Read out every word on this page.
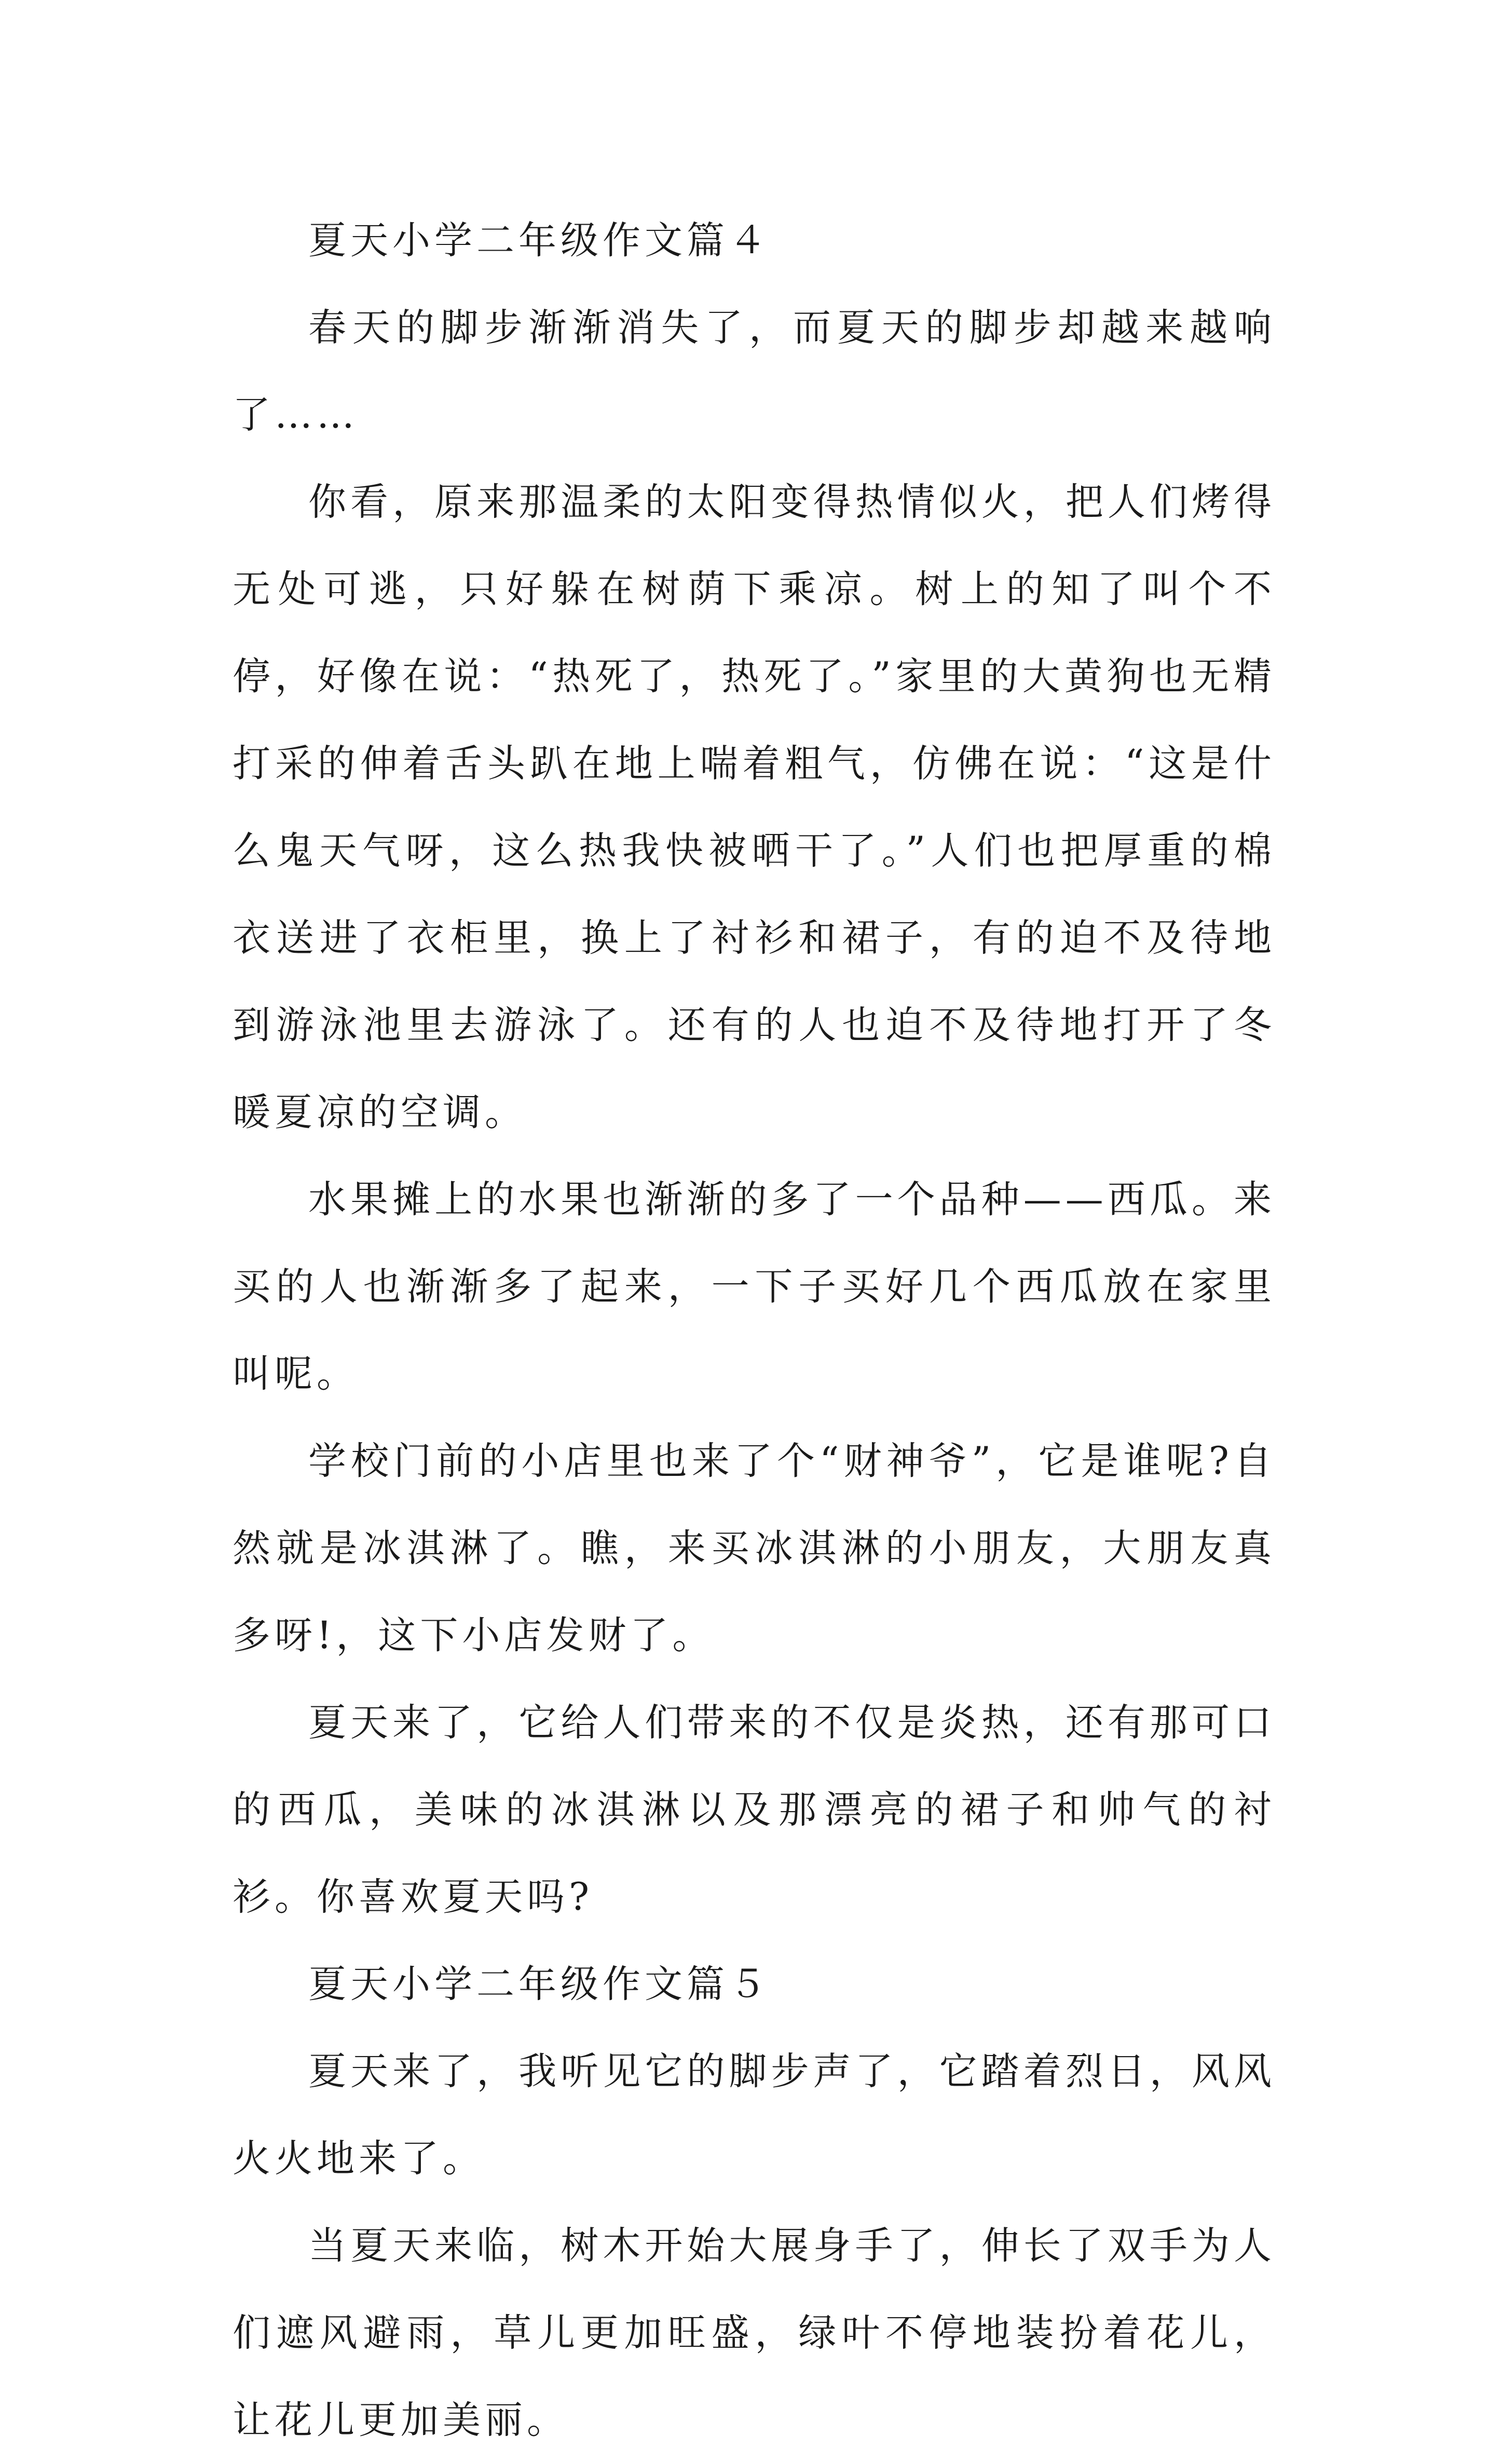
夏天小学二年级作文篇４

春天的脚步渐渐消失了，而夏天的脚步却越来越响了……

你看，原来那温柔的太阳变得热情似火，把人们烤得无处可逃，只好躲在树荫下乘凉。树上的知了叫个不停，好像在说：“热死了，热死了。”家里的大黄狗也无精打采的伸着舌头趴在地上喘着粗气，仿佛在说：“这是什么鬼天气呀，这么热我快被晒干了。”人们也把厚重的棉衣送进了衣柜里，换上了衬衫和裙子，有的迫不及待地到游泳池里去游泳了。还有的人也迫不及待地打开了冬暖夏凉的空调。

水果摊上的水果也渐渐的多了一个品种——西瓜。来买的人也渐渐多了起来，一下子买好几个西瓜放在家里叫呢。

学校门前的小店里也来了个“财神爷”，它是谁呢?自然就是冰淇淋了。瞧，来买冰淇淋的小朋友，大朋友真多呀!，这下小店发财了。

夏天来了，它给人们带来的不仅是炎热，还有那可口的西瓜，美味的冰淇淋以及那漂亮的裙子和帅气的衬衫。你喜欢夏天吗?

夏天小学二年级作文篇５

夏天来了，我听见它的脚步声了，它踏着烈日，风风火火地来了。

当夏天来临，树木开始大展身手了，伸长了双手为人们遮风避雨，草儿更加旺盛，绿叶不停地装扮着花儿，让花儿更加美丽。
